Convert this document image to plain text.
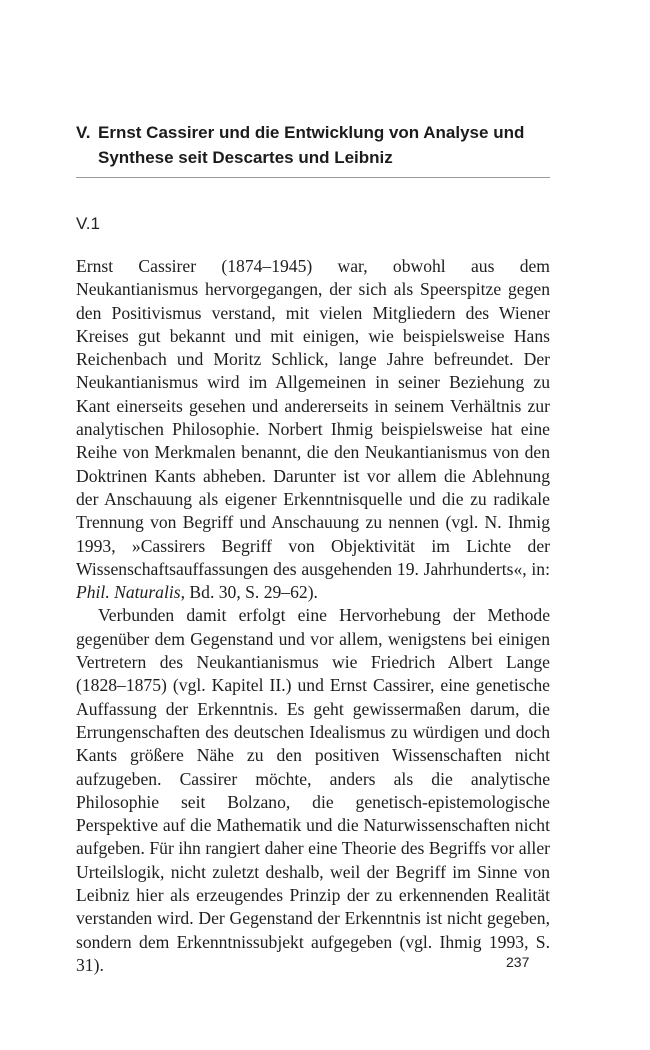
V. Ernst Cassirer und die Entwicklung von Analyse und Synthese seit Descartes und Leibniz
V.1

Ernst Cassirer (1874–1945) war, obwohl aus dem Neukantianismus hervorgegangen, der sich als Speerspitze gegen den Positivismus verstand, mit vielen Mitgliedern des Wiener Kreises gut bekannt und mit einigen, wie beispielsweise Hans Reichenbach und Moritz Schlick, lange Jahre befreundet. Der Neukantianismus wird im Allgemeinen in seiner Beziehung zu Kant einerseits gesehen und andererseits in seinem Verhältnis zur analytischen Philosophie. Norbert Ihmig beispielsweise hat eine Reihe von Merkmalen benannt, die den Neukantianismus von den Doktrinen Kants abheben. Darunter ist vor allem die Ablehnung der Anschauung als eigener Erkenntnisquelle und die zu radikale Trennung von Begriff und Anschauung zu nennen (vgl. N. Ihmig 1993, »Cassirers Begriff von Objektivität im Lichte der Wissenschaftsauffassungen des ausgehenden 19. Jahrhunderts«, in: Phil. Naturalis, Bd. 30, S. 29–62).

Verbunden damit erfolgt eine Hervorhebung der Methode gegenüber dem Gegenstand und vor allem, wenigstens bei einigen Vertretern des Neukantianismus wie Friedrich Albert Lange (1828–1875) (vgl. Kapitel II.) und Ernst Cassirer, eine genetische Auffassung der Erkenntnis. Es geht gewissermaßen darum, die Errungenschaften des deutschen Idealismus zu würdigen und doch Kants größere Nähe zu den positiven Wissenschaften nicht aufzugeben. Cassirer möchte, anders als die analytische Philosophie seit Bolzano, die genetisch-epistemologische Perspektive auf die Mathematik und die Naturwissenschaften nicht aufgeben. Für ihn rangiert daher eine Theorie des Begriffs vor aller Urteilslogik, nicht zuletzt deshalb, weil der Begriff im Sinne von Leibniz hier als erzeugendes Prinzip der zu erkennenden Realität verstanden wird. Der Gegenstand der Erkenntnis ist nicht gegeben, sondern dem Erkenntnissubjekt aufgegeben (vgl. Ihmig 1993, S. 31).	237
